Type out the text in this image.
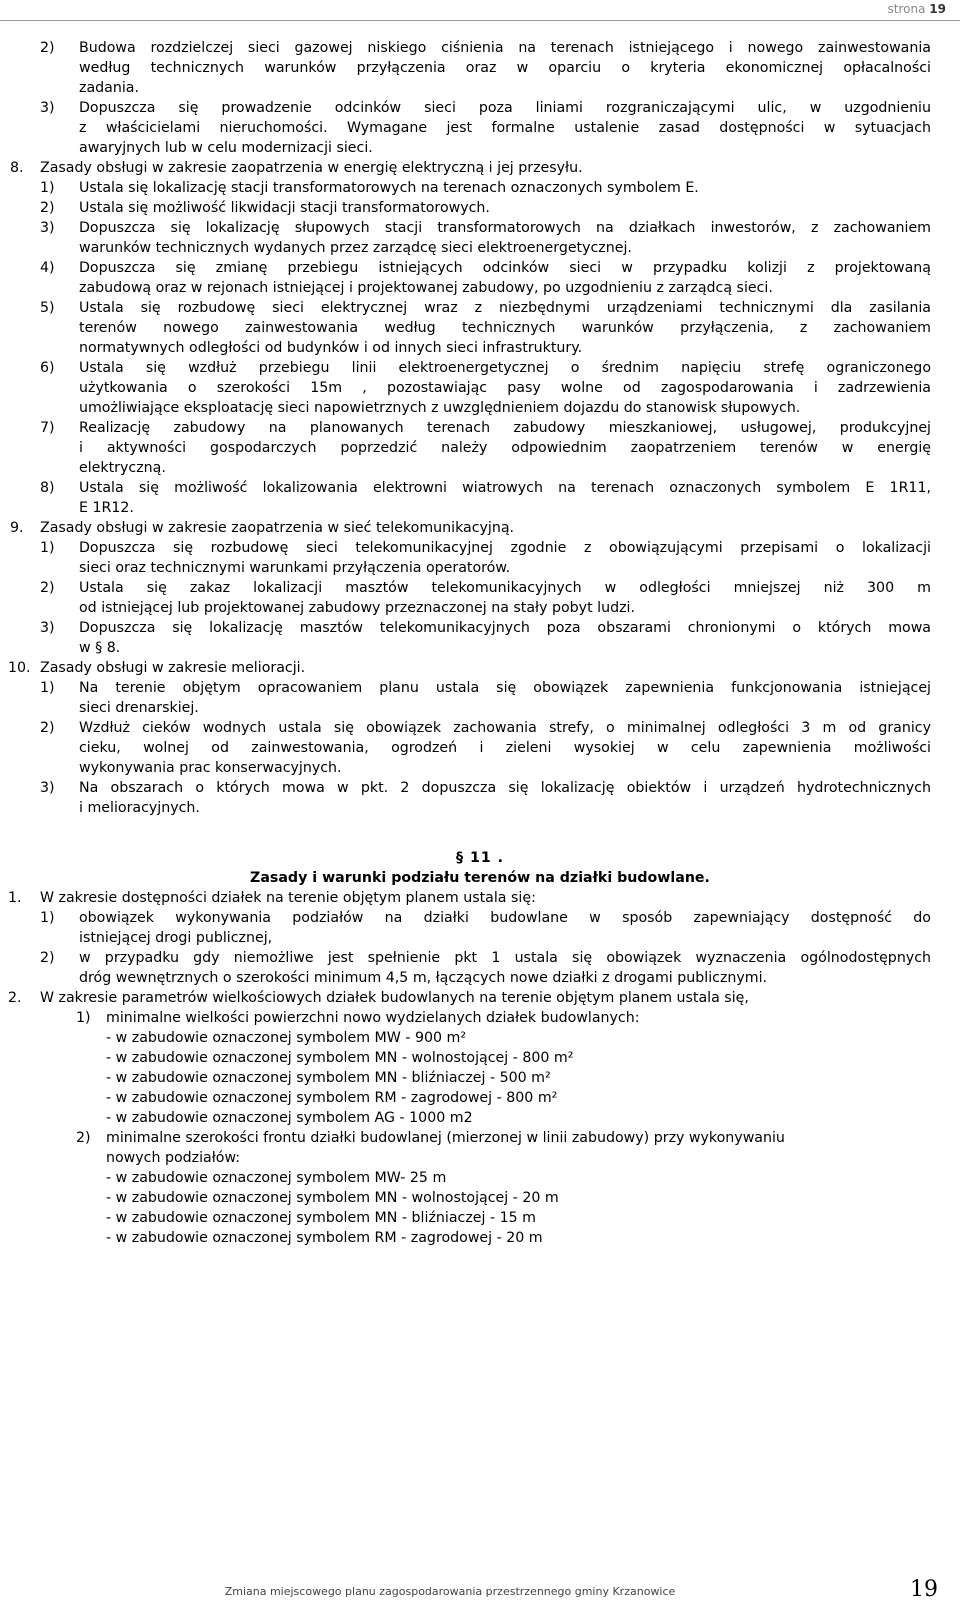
strona 19
2) Budowa rozdzielczej sieci gazowej niskiego ciśnienia na terenach istniejącego i nowego zainwestowania
według technicznych warunków przyłączenia oraz w oparciu o kryteria ekonomicznej opłacalności
zadania.
3) Dopuszcza się prowadzenie odcinków sieci poza liniami rozgraniczającymi ulic, w uzgodnieniu
z właścicielami nieruchomości. Wymagane jest formalne ustalenie zasad dostępności w sytuacjach
awaryjnych lub w celu modernizacji sieci.
8. Zasady obsługi w zakresie zaopatrzenia w energię elektryczną i jej przesyłu.
1) Ustala się lokalizację stacji transformatorowych na terenach oznaczonych symbolem E.
2) Ustala się możliwość likwidacji stacji transformatorowych.
3) Dopuszcza się lokalizację słupowych stacji transformatorowych na działkach inwestorów, z zachowaniem
warunków technicznych wydanych przez zarządcę sieci elektroenergetycznej.
4) Dopuszcza się zmianę przebiegu istniejących odcinków sieci w przypadku kolizji z projektowaną
zabudową oraz w rejonach istniejącej i projektowanej zabudowy, po uzgodnieniu z zarządcą sieci.
5) Ustala się rozbudowę sieci elektrycznej wraz z niezbędnymi urządzeniami technicznymi dla zasilania
terenów nowego zainwestowania według technicznych warunków przyłączenia, z zachowaniem
normatywnych odległości od budynków i od innych sieci infrastruktury.
6) Ustala się wzdłuż przebiegu linii elektroenergetycznej o średnim napięciu strefę ograniczonego
użytkowania o szerokości 15m , pozostawiając pasy wolne od zagospodarowania i zadrzewienia
umożliwiające eksploatację sieci napowietrznych z uwzględnieniem dojazdu do stanowisk słupowych.
7) Realizację zabudowy na planowanych terenach zabudowy mieszkaniowej, usługowej, produkcyjnej
i aktywności gospodarczych poprzedzić należy odpowiednim zaopatrzeniem terenów w energię
elektryczną.
8) Ustala się możliwość lokalizowania elektrowni wiatrowych na terenach oznaczonych symbolem E 1R11,
E 1R12.
9. Zasady obsługi w zakresie zaopatrzenia w sieć telekomunikacyjną.
1) Dopuszcza się rozbudowę sieci telekomunikacyjnej zgodnie z obowiązującymi przepisami o lokalizacji
sieci oraz technicznymi warunkami przyłączenia operatorów.
2) Ustala się zakaz lokalizacji masztów telekomunikacyjnych w odległości mniejszej niż 300 m
od istniejącej lub projektowanej zabudowy przeznaczonej na stały pobyt ludzi.
3) Dopuszcza się lokalizację masztów telekomunikacyjnych poza obszarami chronionymi o których mowa
w § 8.
10. Zasady obsługi w zakresie melioracji.
1) Na terenie objętym opracowaniem planu ustala się obowiązek zapewnienia funkcjonowania istniejącej
sieci drenarskiej.
2) Wzdłuż cieków wodnych ustala się obowiązek zachowania strefy, o minimalnej odległości 3 m od granicy
cieku, wolnej od zainwestowania, ogrodzeń i zieleni wysokiej w celu zapewnienia możliwości
wykonywania prac konserwacyjnych.
3) Na obszarach o których mowa w pkt. 2 dopuszcza się lokalizację obiektów i urządzeń hydrotechnicznych
i melioracyjnych.
§ 11 .
Zasady i warunki podziału terenów na działki budowlane.
1. W zakresie dostępności działek na terenie objętym planem ustala się:
1) obowiązek wykonywania podziałów na działki budowlane w sposób zapewniający dostępność do
istniejącej drogi publicznej,
2) w przypadku gdy niemożliwe jest spełnienie pkt 1 ustala się obowiązek wyznaczenia ogólnodostępnych
dróg wewnętrznych o szerokości minimum 4,5 m, łączących nowe działki z drogami publicznymi.
2. W zakresie parametrów wielkościowych działek budowlanych na terenie objętym planem ustala się,
1) minimalne wielkości powierzchni nowo wydzielanych działek budowlanych:
- w zabudowie oznaczonej symbolem MW - 900 m²
- w zabudowie oznaczonej symbolem MN - wolnostojącej - 800 m²
- w zabudowie oznaczonej symbolem MN - bliźniaczej - 500 m²
- w zabudowie oznaczonej symbolem RM - zagrodowej - 800 m²
- w zabudowie oznaczonej symbolem AG - 1000 m2
2) minimalne szerokości frontu działki budowlanej (mierzonej w linii zabudowy) przy wykonywaniu
nowych podziałów:
- w zabudowie oznaczonej symbolem MW- 25 m
- w zabudowie oznaczonej symbolem MN - wolnostojącej - 20 m
- w zabudowie oznaczonej symbolem MN - bliźniaczej - 15 m
- w zabudowie oznaczonej symbolem RM - zagrodowej - 20 m
Zmiana miejscowego planu zagospodarowania przestrzennego gminy Krzanowice	19
